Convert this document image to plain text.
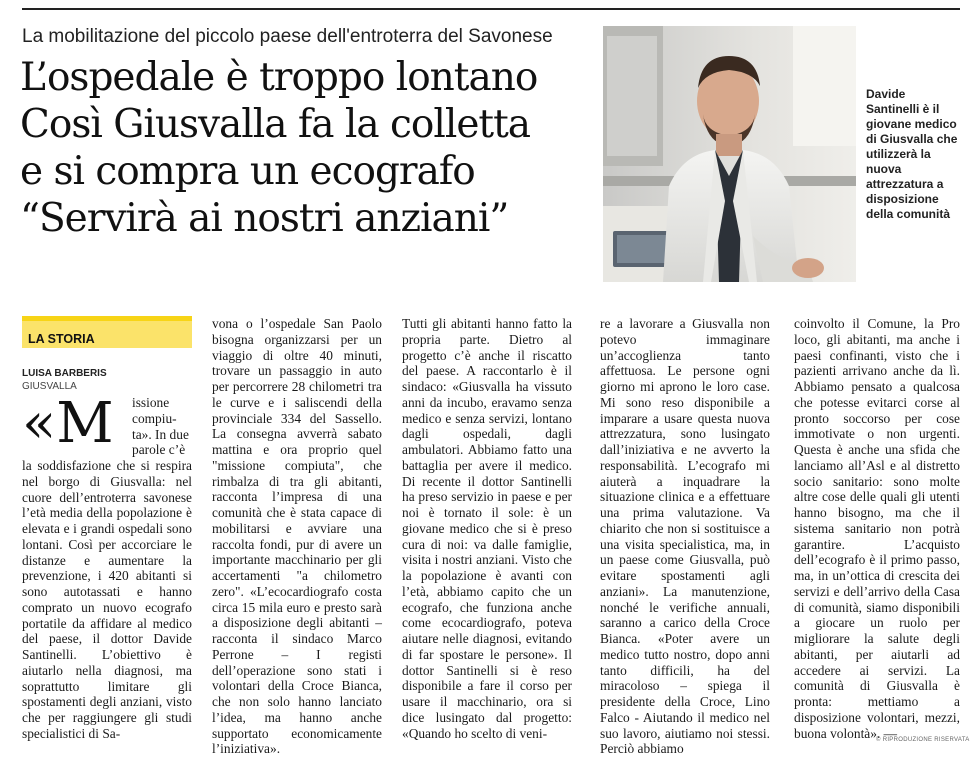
La mobilitazione del piccolo paese dell'entroterra del Savonese
L’ospedale è troppo lontano
Così Giusvalla fa la colletta
e si compra un ecografo
“Servirà ai nostri anziani”
Davide Santinelli è il giovane medico di Giusvalla che utilizzerà la nuova attrezzatura a disposizione della comunità
LA STORIA
LUISA BARBERIS
GIUSVALLA
«M issione
compiu-
ta». In due
parole c’è
la soddisfazione che si respira nel borgo di Giusvalla: nel cuore dell’entroterra savonese l’età media della popolazione è elevata e i grandi ospedali sono lontani. Così per accorciare le distanze e aumentare la prevenzione, i 420 abitanti si sono autotassati e hanno comprato un nuovo ecografo portatile da affidare al medico del paese, il dottor Davide Santinelli. L’obiettivo è aiutarlo nella diagnosi, ma soprattutto limitare gli spostamenti degli anziani, visto che per raggiungere gli studi specialistici di Sa-
vona o l’ospedale San Paolo bisogna organizzarsi per un viaggio di oltre 40 minuti, trovare un passaggio in auto per percorrere 28 chilometri tra le curve e i saliscendi della provinciale 334 del Sassello. La consegna avverrà sabato mattina e ora proprio quel "missione compiuta", che rimbalza di tra gli abitanti, racconta l’impresa di una comunità che è stata capace di mobilitarsi e avviare una raccolta fondi, pur di avere un importante macchinario per gli accertamenti "a chilometro zero". «L’ecocardiografo costa circa 15 mila euro e presto sarà a disposizione degli abitanti – racconta il sindaco Marco Perrone – I registi dell’operazione sono stati i volontari della Croce Bianca, che non solo hanno lanciato l’idea, ma hanno anche supportato economicamente l’iniziativa».
Tutti gli abitanti hanno fatto la propria parte. Dietro al progetto c’è anche il riscatto del paese. A raccontarlo è il sindaco: «Giusvalla ha vissuto anni da incubo, eravamo senza medico e senza servizi, lontano dagli ospedali, dagli ambulatori. Abbiamo fatto una battaglia per avere il medico. Di recente il dottor Santinelli ha preso servizio in paese e per noi è tornato il sole: è un giovane medico che si è preso cura di noi: va dalle famiglie, visita i nostri anziani. Visto che la popolazione è avanti con l’età, abbiamo capito che un ecografo, che funziona anche come ecocardiografo, poteva aiutare nelle diagnosi, evitando di far spostare le persone». Il dottor Santinelli si è reso disponibile a fare il corso per usare il macchinario, ora si dice lusingato dal progetto: «Quando ho scelto di veni-
re a lavorare a Giusvalla non potevo immaginare un’accoglienza tanto affettuosa. Le persone ogni giorno mi aprono le loro case. Mi sono reso disponibile a imparare a usare questa nuova attrezzatura, sono lusingato dall’iniziativa e ne avverto la responsabilità. L’ecografo mi aiuterà a inquadrare la situazione clinica e a effettuare una prima valutazione. Va chiarito che non si sostituisce a una visita specialistica, ma, in un paese come Giusvalla, può evitare spostamenti agli anziani». La manutenzione, nonché le verifiche annuali, saranno a carico della Croce Bianca. «Poter avere un medico tutto nostro, dopo anni tanto difficili, ha del miracoloso – spiega il presidente della Croce, Lino Falco - Aiutando il medico nel suo lavoro, aiutiamo noi stessi. Perciò abbiamo
coinvolto il Comune, la Pro loco, gli abitanti, ma anche i paesi confinanti, visto che i pazienti arrivano anche da lì. Abbiamo pensato a qualcosa che potesse evitarci corse al pronto soccorso per cose immotivate o non urgenti. Questa è anche una sfida che lanciamo all’Asl e al distretto socio sanitario: sono molte altre cose delle quali gli utenti hanno bisogno, ma che il sistema sanitario non potrà garantire. L’acquisto dell’ecografo è il primo passo, ma, in un’ottica di crescita dei servizi e dell’arrivo della Casa di comunità, siamo disponibili a giocare un ruolo per migliorare la salute degli abitanti, per aiutarli ad accedere ai servizi. La comunità di Giusvalla è pronta: mettiamo a disposizione volontari, mezzi, buona volontà». —
© RIPRODUZIONE RISERVATA
